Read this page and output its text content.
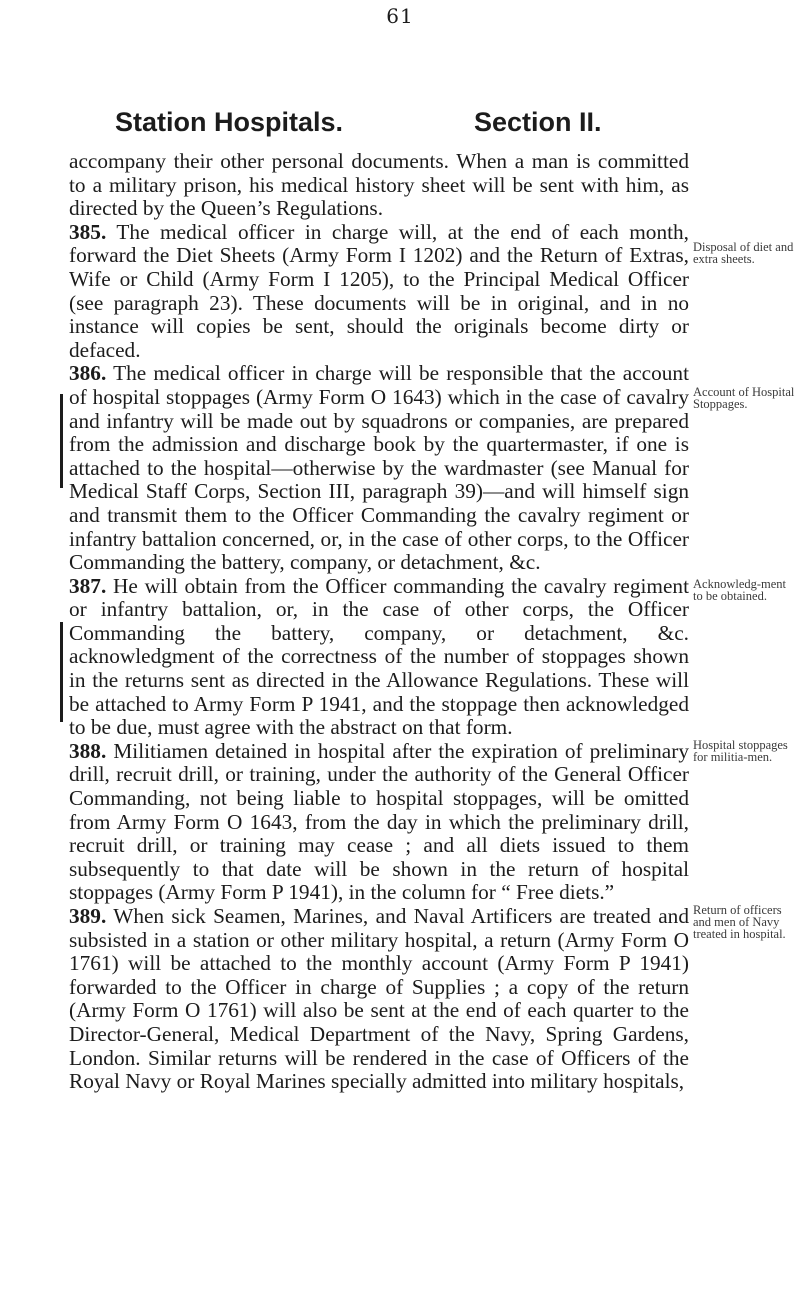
61
Station Hospitals.	Section II.

accompany their other personal documents. When a man is committed to a military prison, his medical history sheet will be sent with him, as directed by the Queen’s Regulations.

385. The medical officer in charge will, at the end of each month, forward the Diet Sheets (Army Form I 1202) and the Return of Extras, Wife or Child (Army Form I 1205), to the Principal Medical Officer (see paragraph 23). These documents will be in original, and in no instance will copies be sent, should the originals become dirty or defaced.

386. The medical officer in charge will be responsible that the account of hospital stoppages (Army Form O 1643) which in the case of cavalry and infantry will be made out by squadrons or companies, are prepared from the admission and discharge book by the quartermaster, if one is attached to the hospital—otherwise by the wardmaster (see Manual for Medical Staff Corps, Section III, paragraph 39)—and will himself sign and transmit them to the Officer Commanding the cavalry regiment or infantry battalion concerned, or, in the case of other corps, to the Officer Commanding the battery, company, or detachment, &c.

387. He will obtain from the Officer commanding the cavalry regiment or infantry battalion, or, in the case of other corps, the Officer Commanding the battery, company, or detachment, &c. acknowledgment of the correctness of the number of stoppages shown in the returns sent as directed in the Allowance Regulations. These will be attached to Army Form P 1941, and the stoppage then acknowledged to be due, must agree with the abstract on that form.

388. Militiamen detained in hospital after the expiration of preliminary drill, recruit drill, or training, under the authority of the General Officer Commanding, not being liable to hospital stoppages, will be omitted from Army Form O 1643, from the day in which the preliminary drill, recruit drill, or training may cease ; and all diets issued to them subsequently to that date will be shown in the return of hospital stoppages (Army Form P 1941), in the column for “ Free diets.”

389. When sick Seamen, Marines, and Naval Artificers are treated and subsisted in a station or other military hospital, a return (Army Form O 1761) will be attached to the monthly account (Army Form P 1941) forwarded to the Officer in charge of Supplies ; a copy of the return (Army Form O 1761) will also be sent at the end of each quarter to the Director-General, Medical Department of the Navy, Spring Gardens, London. Similar returns will be rendered in the case of Officers of the Royal Navy or Royal Marines specially admitted into military hospitals,

Disposal of diet and extra sheets.
Account of Hospital Stoppages.
Acknowledg-ment to be obtained.
Hospital stoppages for militia-men.
Return of officers and men of Navy treated in hospital.
